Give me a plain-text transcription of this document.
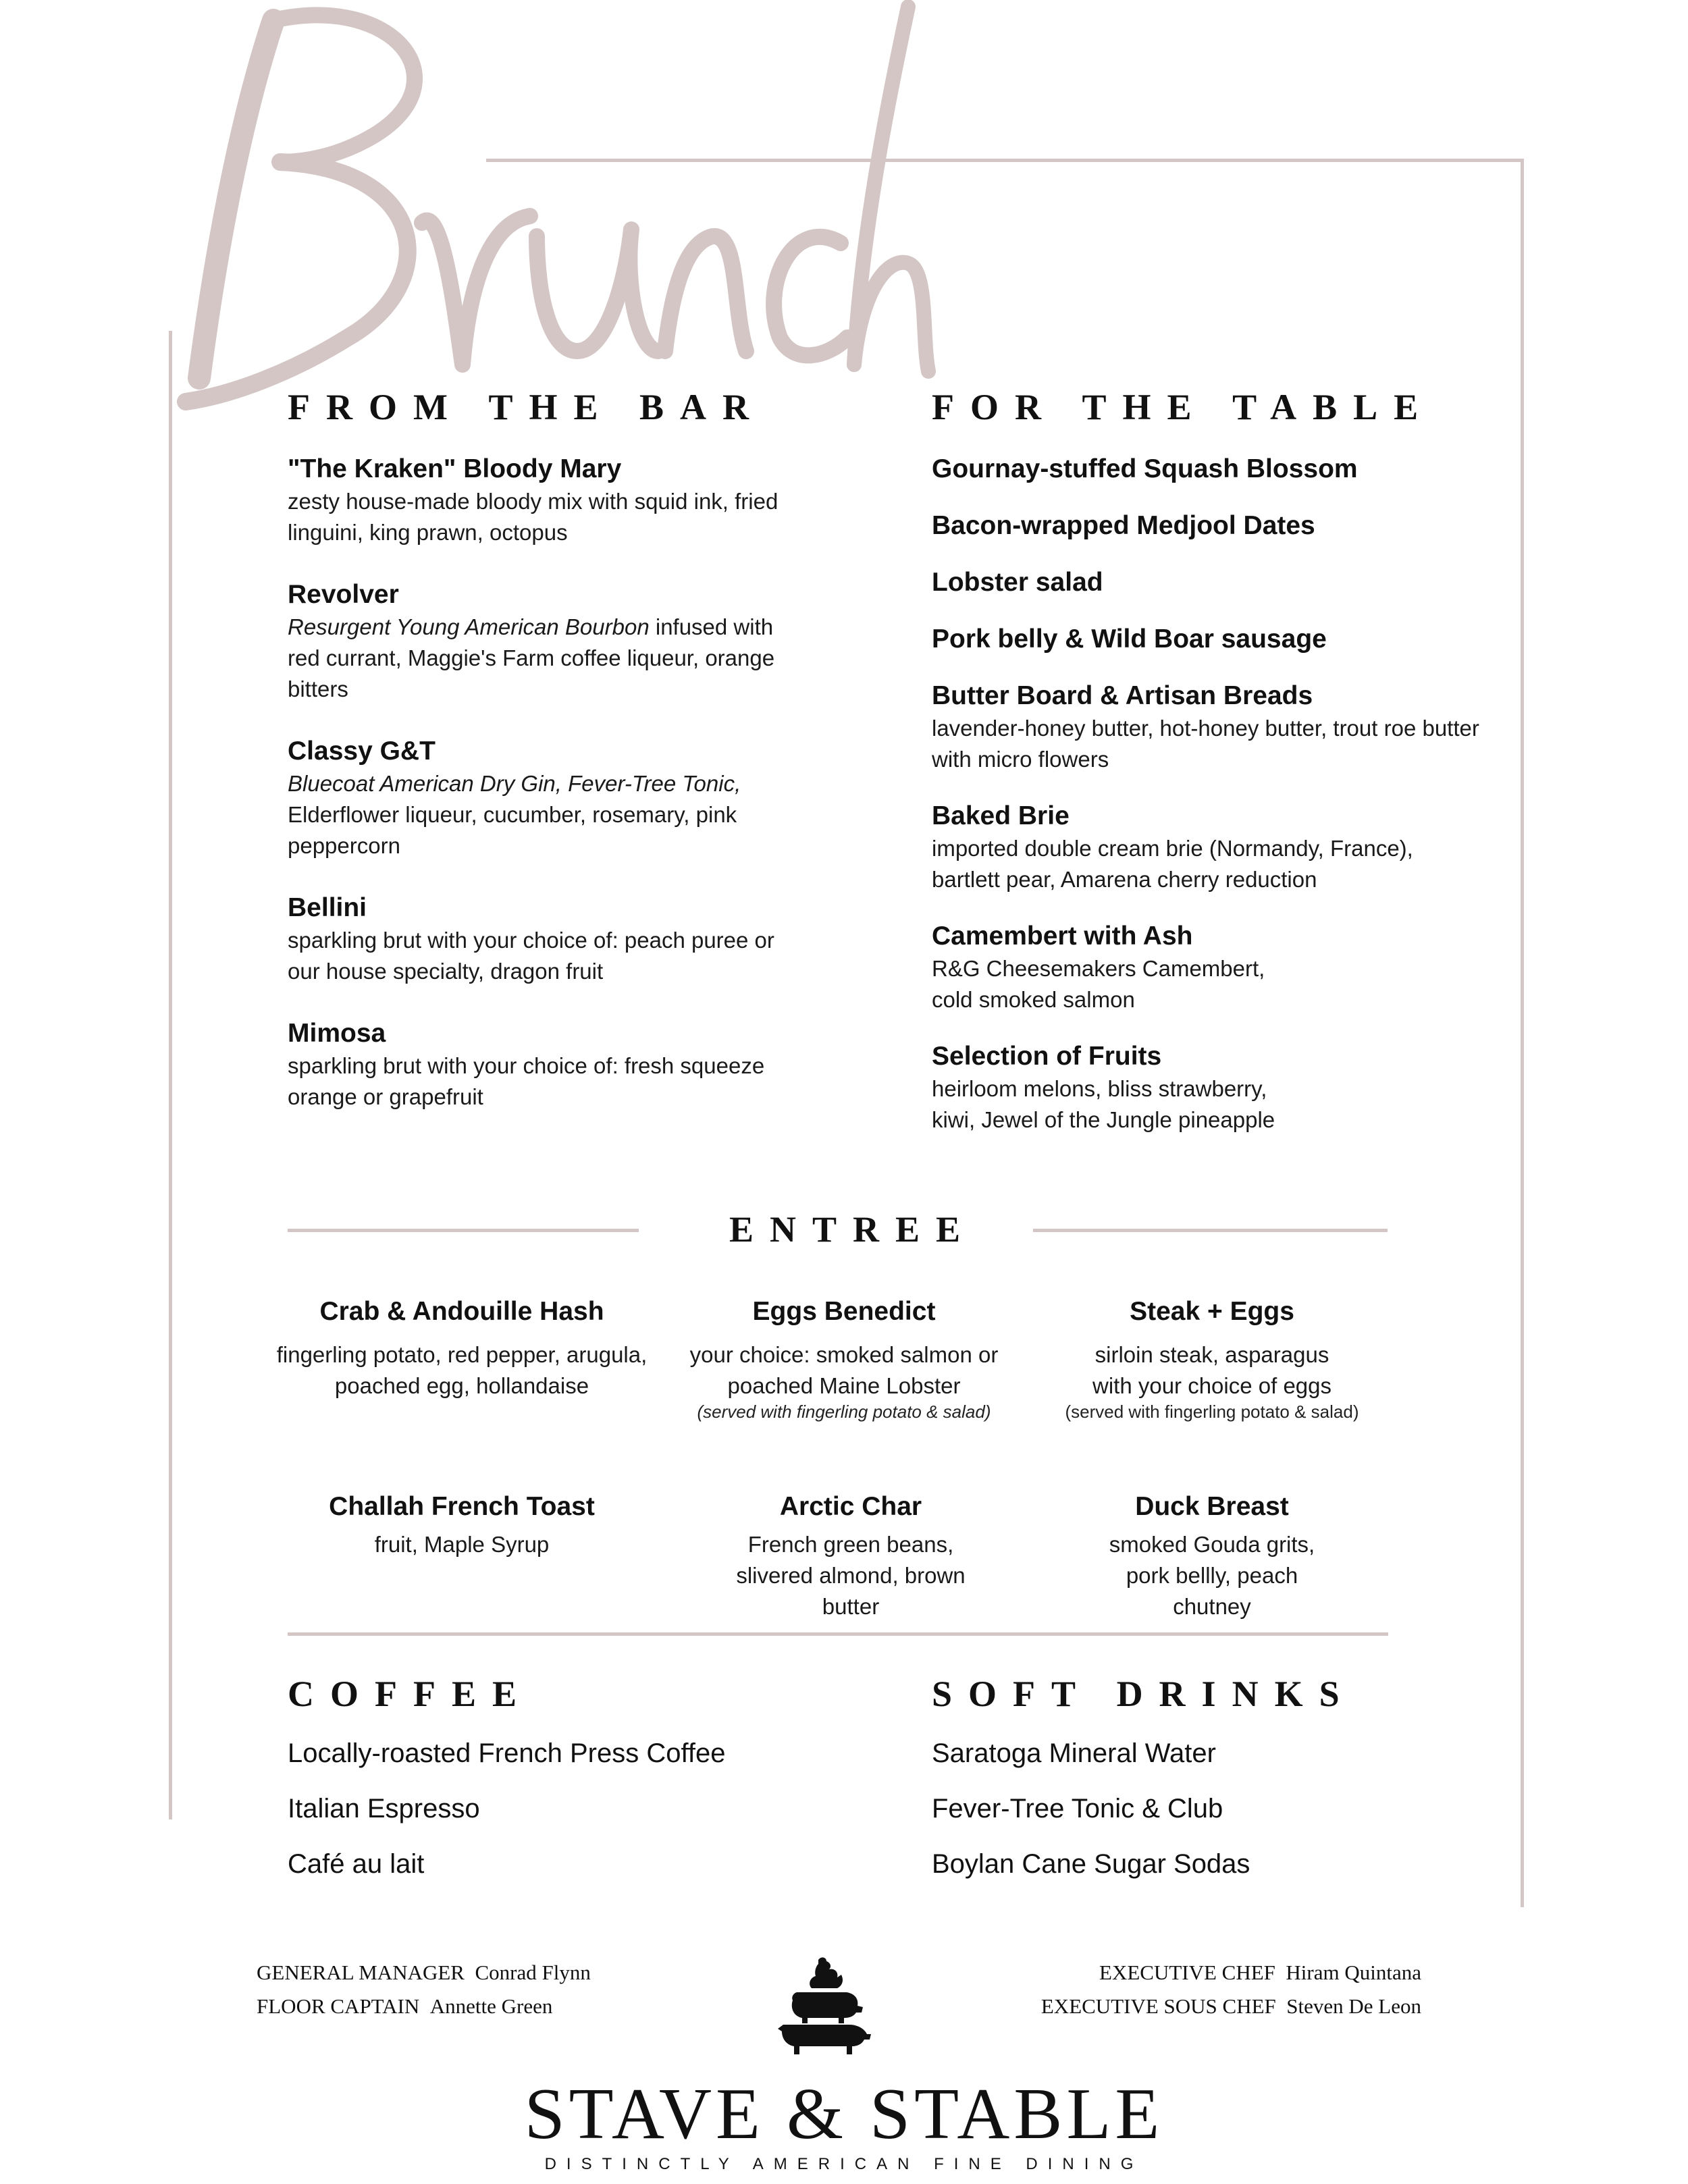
FROM THE BAR
"The Kraken" Bloody Mary
zesty house-made bloody mix with squid ink, fried linguini, king prawn, octopus
Revolver
Resurgent Young American Bourbon infused with red currant, Maggie's Farm coffee liqueur, orange bitters
Classy G&T
Bluecoat American Dry Gin, Fever-Tree Tonic, Elderflower liqueur, cucumber, rosemary, pink peppercorn
Bellini
sparkling brut with your choice of: peach puree or our house specialty, dragon fruit
Mimosa
sparkling brut with your choice of: fresh squeeze orange or grapefruit
FOR THE TABLE
Gournay-stuffed Squash Blossom
Bacon-wrapped Medjool Dates
Lobster salad
Pork belly & Wild Boar sausage
Butter Board & Artisan Breads
lavender-honey butter, hot-honey butter, trout roe butter with micro flowers
Baked Brie
imported double cream brie (Normandy, France), bartlett pear, Amarena cherry reduction
Camembert with Ash
R&G Cheesemakers Camembert, cold smoked salmon
Selection of Fruits
heirloom melons, bliss strawberry, kiwi, Jewel of the Jungle pineapple
ENTREE
Crab & Andouille Hash
fingerling potato, red pepper, arugula, poached egg, hollandaise
Eggs Benedict
your choice: smoked salmon or poached Maine Lobster
(served with fingerling potato & salad)
Steak + Eggs
sirloin steak, asparagus with your choice of eggs
(served with fingerling potato & salad)
Challah French Toast
fruit, Maple Syrup
Arctic Char
French green beans, slivered almond, brown butter
Duck Breast
smoked Gouda grits, pork bellly, peach chutney
COFFEE
Locally-roasted French Press Coffee
Italian Espresso
Café au lait
SOFT DRINKS
Saratoga Mineral Water
Fever-Tree Tonic & Club
Boylan Cane Sugar Sodas
GENERAL MANAGER Conrad Flynn
FLOOR CAPTAIN Annette Green
EXECUTIVE CHEF Hiram Quintana
EXECUTIVE SOUS CHEF Steven De Leon
STAVE & STABLE
DISTINCTLY AMERICAN FINE DINING
